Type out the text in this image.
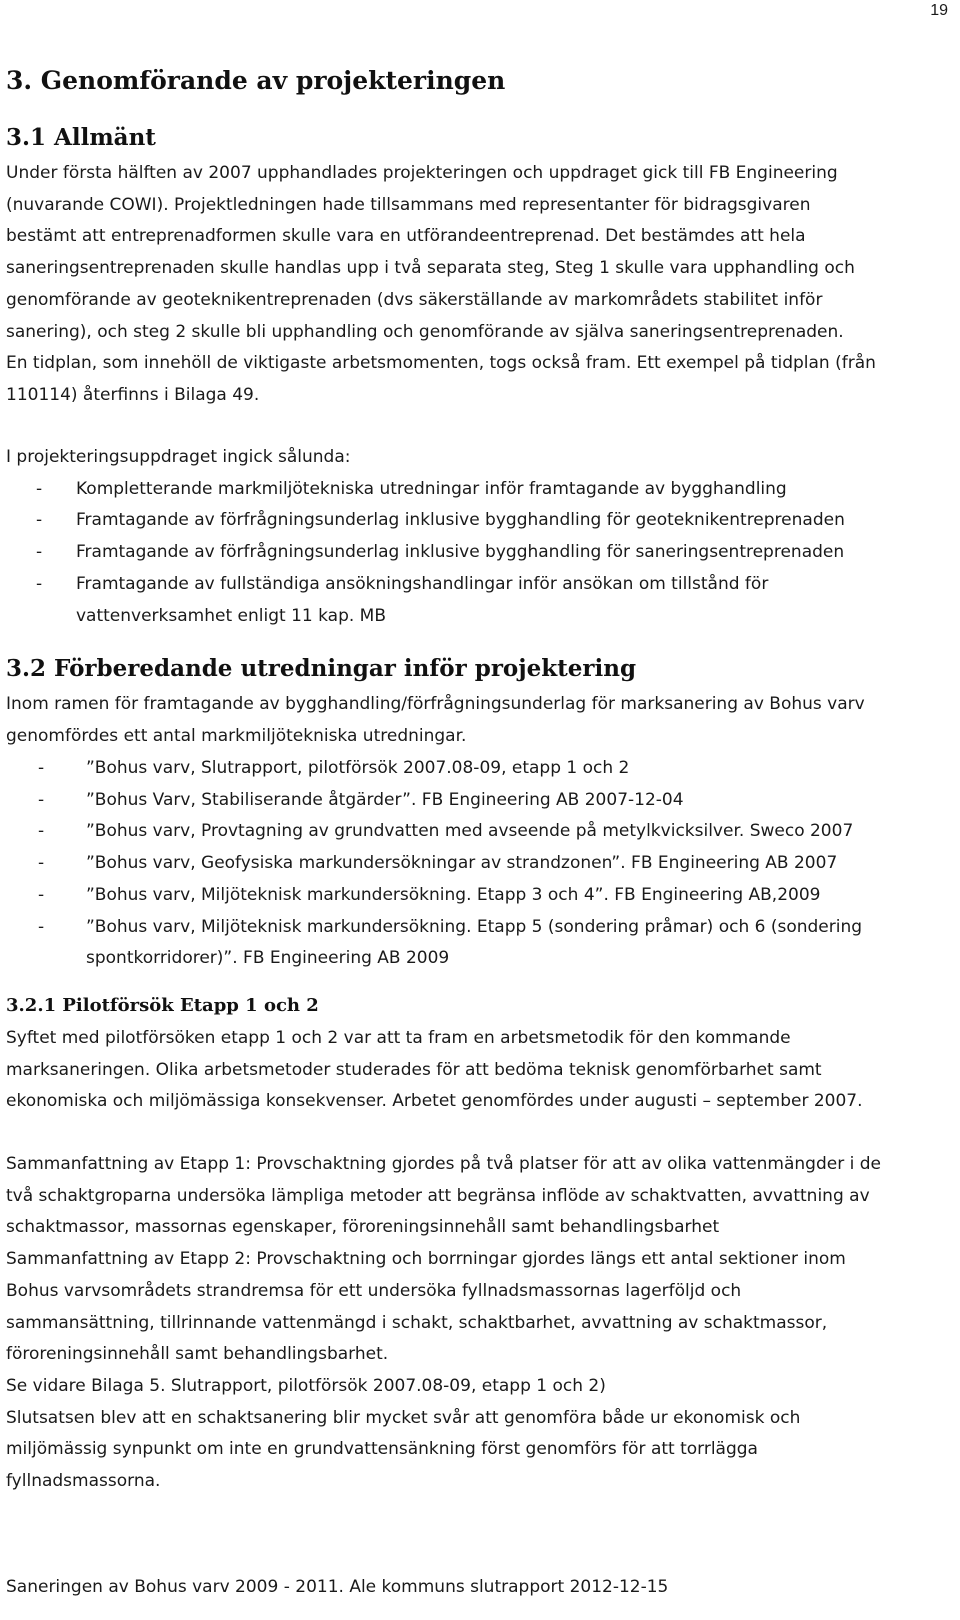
19
3. Genomförande av projekteringen
3.1 Allmänt
Under första hälften av 2007 upphandlades projekteringen och uppdraget gick till FB Engineering
(nuvarande COWI). Projektledningen hade tillsammans med representanter för bidragsgivaren
bestämt att entreprenadformen skulle vara en utförandeentreprenad. Det bestämdes att hela
saneringsentreprenaden skulle handlas upp i två separata steg, Steg 1 skulle vara upphandling och
genomförande av geoteknikentreprenaden (dvs säkerställande av markområdets stabilitet inför
sanering), och steg 2 skulle bli upphandling och genomförande av själva saneringsentreprenaden.
En tidplan, som innehöll de viktigaste arbetsmomenten, togs också fram. Ett exempel på tidplan (från
110114) återfinns i Bilaga 49.
I projekteringsuppdraget ingick sålunda:
- Kompletterande markmiljötekniska utredningar inför framtagande av bygghandling
- Framtagande av förfrågningsunderlag inklusive bygghandling för geoteknikentreprenaden
- Framtagande av förfrågningsunderlag inklusive bygghandling för saneringsentreprenaden
- Framtagande av fullständiga ansökningshandlingar inför ansökan om tillstånd för
vattenverksamhet enligt 11 kap. MB
3.2 Förberedande utredningar inför projektering
Inom ramen för framtagande av bygghandling/förfrågningsunderlag för marksanering av Bohus varv
genomfördes ett antal markmiljötekniska utredningar.
- ”Bohus varv, Slutrapport, pilotförsök 2007.08-09, etapp 1 och 2
- ”Bohus Varv, Stabiliserande åtgärder”. FB Engineering AB 2007-12-04
- ”Bohus varv, Provtagning av grundvatten med avseende på metylkvicksilver. Sweco 2007
- ”Bohus varv, Geofysiska markundersökningar av strandzonen”. FB Engineering AB 2007
- ”Bohus varv, Miljöteknisk markundersökning. Etapp 3 och 4”. FB Engineering AB,2009
- ”Bohus varv, Miljöteknisk markundersökning. Etapp 5 (sondering pråmar) och 6 (sondering
spontkorridorer)”. FB Engineering AB 2009
3.2.1 Pilotförsök Etapp 1 och 2
Syftet med pilotförsöken etapp 1 och 2 var att ta fram en arbetsmetodik för den kommande
marksaneringen. Olika arbetsmetoder studerades för att bedöma teknisk genomförbarhet samt
ekonomiska och miljömässiga konsekvenser. Arbetet genomfördes under augusti – september 2007.
Sammanfattning av Etapp 1: Provschaktning gjordes på två platser för att av olika vattenmängder i de
två schaktgroparna undersöka lämpliga metoder att begränsa inflöde av schaktvatten, avvattning av
schaktmassor, massornas egenskaper, föroreningsinnehåll samt behandlingsbarhet
Sammanfattning av Etapp 2: Provschaktning och borrningar gjordes längs ett antal sektioner inom
Bohus varvsområdets strandremsa för ett undersöka fyllnadsmassornas lagerföljd och
sammansättning, tillrinnande vattenmängd i schakt, schaktbarhet, avvattning av schaktmassor,
föroreningsinnehåll samt behandlingsbarhet.
Se vidare Bilaga 5. Slutrapport, pilotförsök 2007.08-09, etapp 1 och 2)
Slutsatsen blev att en schaktsanering blir mycket svår att genomföra både ur ekonomisk och
miljömässig synpunkt om inte en grundvattensänkning först genomförs för att torrlägga
fyllnadsmassorna.
Saneringen av Bohus varv 2009 - 2011. Ale kommuns slutrapport 2012-12-15
